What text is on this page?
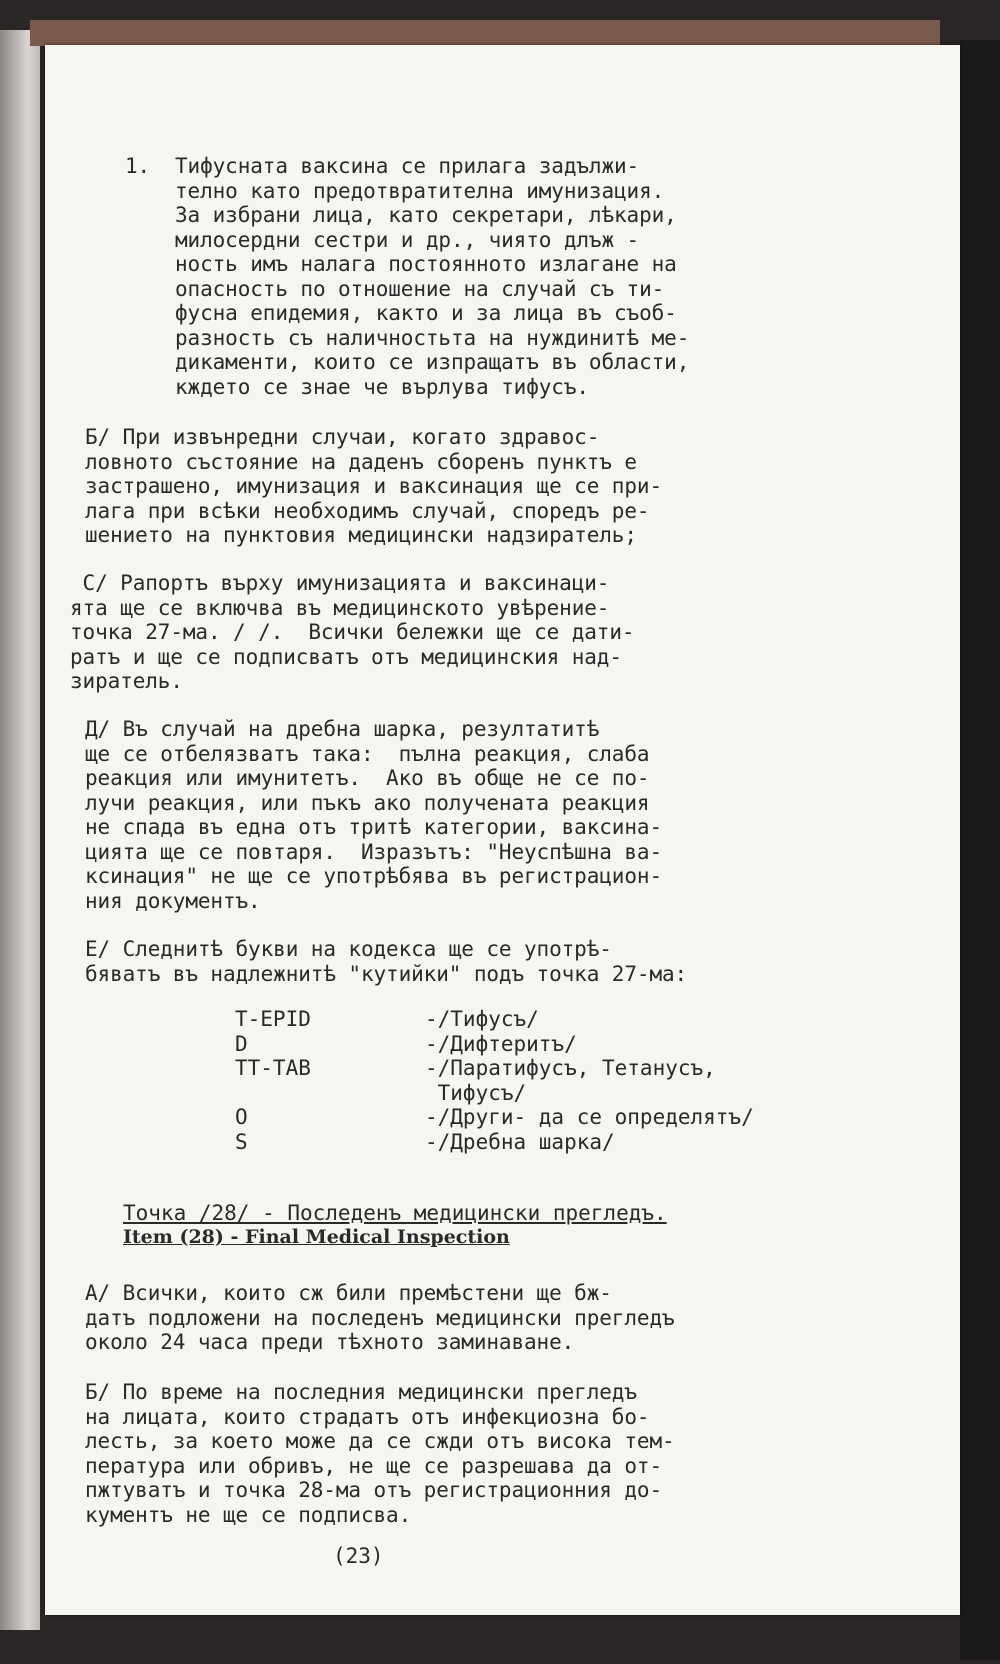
1.

Тифусната ваксина се прилага задължи-
телно като предотвратителна имунизация.
За избрани лица, като секретари, лѣкари,
милосердни сестри и др., чиято длъж -
ность имъ налага постоянното излагане на
опасность по отношение на случай съ ти-
фусна епидемия, както и за лица въ съоб-
разность съ наличностьта на нуждинитѣ ме-
дикаменти, които се изпращатъ въ области,
кждето се знае че върлува тифусъ.

Б/ При извънредни случаи, когато здравос-
ловното състояние на даденъ сборенъ пунктъ е
застрашено, имунизация и ваксинация ще се при-
лага при всѣки необходимъ случай, споредъ ре-
шението на пунктовия медицински надзиратель;
С/ Рапортъ върху имунизацията и ваксинаци-
ята ще се включва въ медицинското увѣрение-
точка 27-ма. / /.  Всички бележки ще се дати-
ратъ и ще се подписватъ отъ медицинския над-
зиратель.
Д/ Въ случай на дребна шарка, резултатитѣ
ще се отбелязватъ така:  пълна реакция, слаба
реакция или имунитетъ.  Ако въ обще не се по-
лучи реакция, или пъкъ ако получената реакция
не спада въ една отъ тритѣ категории, ваксина-
цията ще се повтаря.  Изразътъ: "Неуспѣшна ва-
ксинация" не ще се употрѣбява въ регистрацион-
ния документъ.
Е/ Следнитѣ букви на кодекса ще се употрѣ-
бяватъ въ надлежнитѣ "кутийки" подъ точка 27-ма:
T-EPID	-/Тифусъ/
D	-/Дифтеритъ/
TT-TAB	-/Паратифусъ, Тетанусъ,
Тифусъ/
O	-/Други- да се определятъ/
S	-/Дребна шарка/
Точка /28/ - Последенъ медицински прегледъ.
Item (28) - Final Medical Inspection
А/ Всички, които сж били премѣстени ще бж-
датъ подложени на последенъ медицински прегледъ
около 24 часа преди тѣхното заминаване.
Б/ По време на последния медицински прегледъ
на лицата, които страдатъ отъ инфекциозна бо-
лесть, за което може да се сжди отъ висока тем-
пература или обривъ, не ще се разрешава да от-
пжтуватъ и точка 28-ма отъ регистрационния до-
кументъ не ще се подписва.
(23)
